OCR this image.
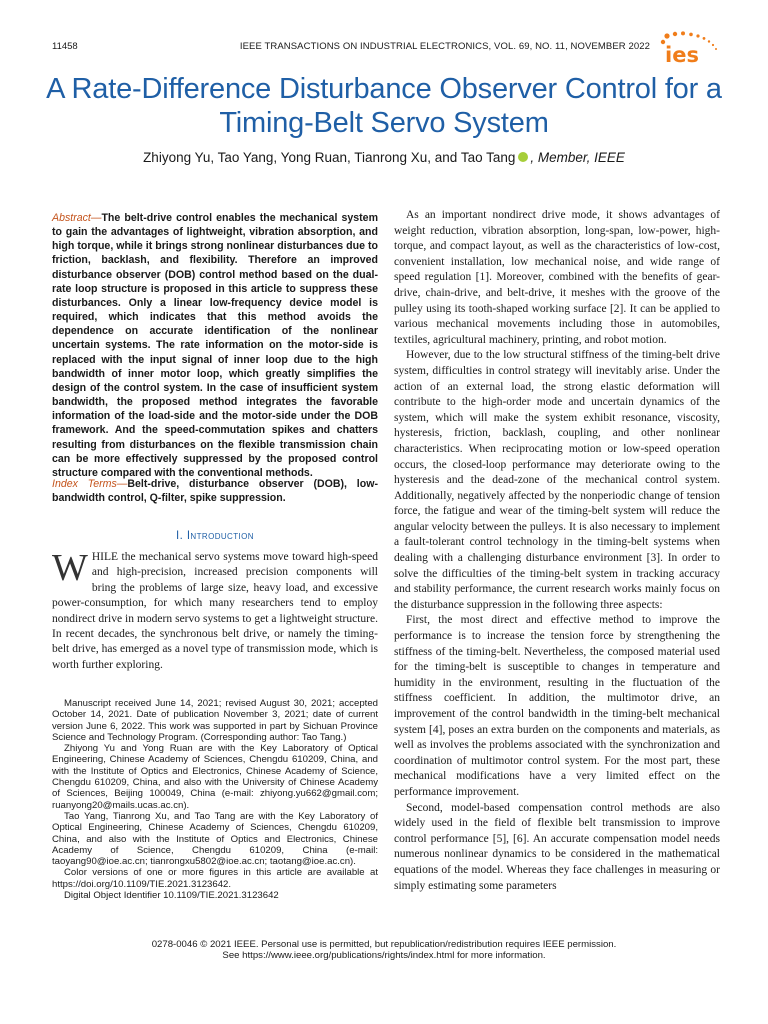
11458	IEEE TRANSACTIONS ON INDUSTRIAL ELECTRONICS, VOL. 69, NO. 11, NOVEMBER 2022 ies
A Rate-Difference Disturbance Observer Control for a Timing-Belt Servo System
Zhiyong Yu, Tao Yang, Yong Ruan, Tianrong Xu, and Tao Tang , Member, IEEE
Abstract—The belt-drive control enables the mechanical system to gain the advantages of lightweight, vibration absorption, and high torque, while it brings strong nonlinear disturbances due to friction, backlash, and flexibility. Therefore an improved disturbance observer (DOB) control method based on the dual-rate loop structure is proposed in this article to suppress these disturbances. Only a linear low-frequency device model is required, which indicates that this method avoids the dependence on accurate identification of the nonlinear uncertain systems. The rate information on the motor-side is replaced with the input signal of inner loop due to the high bandwidth of inner motor loop, which greatly simplifies the design of the control system. In the case of insufficient system bandwidth, the proposed method integrates the favorable information of the load-side and the motor-side under the DOB framework. And the speed-commutation spikes and chatters resulting from disturbances on the flexible transmission chain can be more effectively suppressed by the proposed control structure compared with the conventional methods.
Index Terms—Belt-drive, disturbance observer (DOB), low-bandwidth control, Q-filter, spike suppression.
I. Introduction
WHILE the mechanical servo systems move toward high-speed and high-precision, increased precision components will bring the problems of large size, heavy load, and excessive power-consumption, for which many researchers tend to employ nondirect drive in modern servo systems to get a lightweight structure. In recent decades, the synchronous belt drive, or namely the timing-belt drive, has emerged as a novel type of transmission mode, which is worth further exploring.

Manuscript received June 14, 2021; revised August 30, 2021; accepted October 14, 2021. Date of publication November 3, 2021; date of current version June 6, 2022. This work was supported in part by Sichuan Province Science and Technology Program. (Corresponding author: Tao Tang.)

Zhiyong Yu and Yong Ruan are with the Key Laboratory of Optical Engineering, Chinese Academy of Sciences, Chengdu 610209, China, and with the Institute of Optics and Electronics, Chinese Academy of Science, Chengdu 610209, China, and also with the University of Chinese Academy of Sciences, Beijing 100049, China (e-mail: zhiyong.yu662@gmail.com; ruanyong20@mails.ucas.ac.cn).

Tao Yang, Tianrong Xu, and Tao Tang are with the Key Laboratory of Optical Engineering, Chinese Academy of Sciences, Chengdu 610209, China, and also with the Institute of Optics and Electronics, Chinese Academy of Science, Chengdu 610209, China (e-mail: taoyang90@ioe.ac.cn; tianrongxu5802@ioe.ac.cn; taotang@ioe.ac.cn).

Color versions of one or more figures in this article are available at https://doi.org/10.1109/TIE.2021.3123642.

Digital Object Identifier 10.1109/TIE.2021.3123642

As an important nondirect drive mode, it shows advantages of weight reduction, vibration absorption, long-span, low-power, high-torque, and compact layout, as well as the characteristics of low-cost, convenient installation, low mechanical noise, and wide range of speed regulation [1]. Moreover, combined with the benefits of gear-drive, chain-drive, and belt-drive, it meshes with the groove of the pulley using its tooth-shaped working surface [2]. It can be applied to various mechanical movements including those in automobiles, textiles, agricultural machinery, printing, and robot motion.

However, due to the low structural stiffness of the timing-belt drive system, difficulties in control strategy will inevitably arise. Under the action of an external load, the strong elastic deformation will contribute to the high-order mode and uncertain dynamics of the system, which will make the system exhibit resonance, viscosity, hysteresis, friction, backlash, coupling, and other nonlinear characteristics. When reciprocating motion or low-speed operation occurs, the closed-loop performance may deteriorate owing to the hysteresis and the dead-zone of the mechanical control system. Additionally, negatively affected by the nonperiodic change of tension force, the fatigue and wear of the timing-belt system will reduce the angular velocity between the pulleys. It is also necessary to implement a fault-tolerant control technology in the timing-belt systems when dealing with a challenging disturbance environment [3]. In order to solve the difficulties of the timing-belt system in tracking accuracy and stability performance, the current research works mainly focus on the disturbance suppression in the following three aspects:

First, the most direct and effective method to improve the performance is to increase the tension force by strengthening the stiffness of the timing-belt. Nevertheless, the composed material used for the timing-belt is susceptible to changes in temperature and humidity in the environment, resulting in the fluctuation of the stiffness coefficient. In addition, the multimotor drive, an improvement of the control bandwidth in the timing-belt mechanical system [4], poses an extra burden on the components and materials, as well as involves the problems associated with the synchronization and coordination of multimotor control system. For the most part, these mechanical modifications have a very limited effect on the performance improvement.

Second, model-based compensation control methods are also widely used in the field of flexible belt transmission to improve control performance [5], [6]. An accurate compensation model needs numerous nonlinear dynamics to be considered in the mathematical equations of the model. Whereas they face challenges in measuring or simply estimating some parameters

0278-0046 © 2021 IEEE. Personal use is permitted, but republication/redistribution requires IEEE permission.
See https://www.ieee.org/publications/rights/index.html for more information.
